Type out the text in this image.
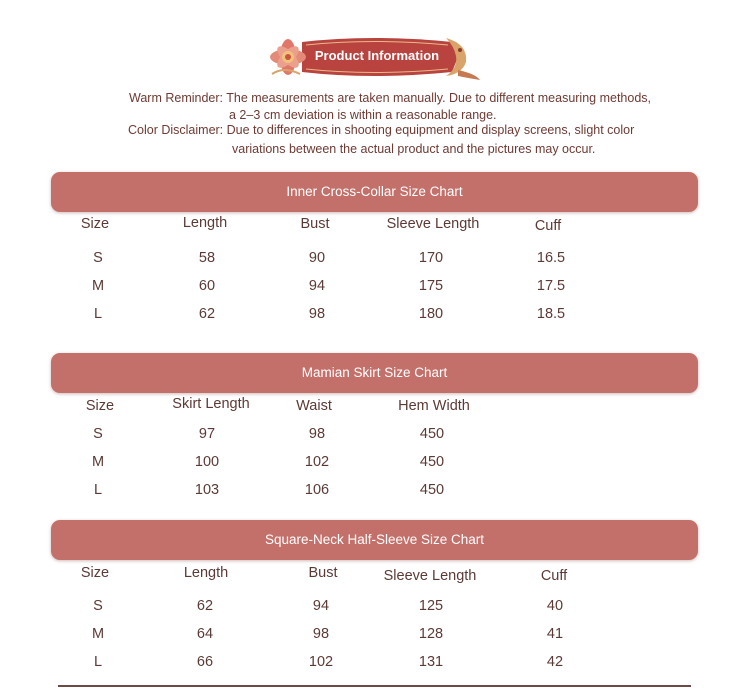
Product Information
Warm Reminder: The measurements are taken manually. Due to different measuring methods,
a 2–3 cm deviation is within a reasonable range.
Color Disclaimer: Due to differences in shooting equipment and display screens, slight color
variations between the actual product and the pictures may occur.
Inner Cross-Collar Size Chart
Size	Length	Bust	Sleeve Length	Cuff
S	58	90	170	16.5
M	60	94	175	17.5
L	62	98	180	18.5
Mamian Skirt Size Chart
Size	Skirt Length	Waist	Hem Width
S	97	98	450
M	100	102	450
L	103	106	450
Square-Neck Half-Sleeve Size Chart
Size	Length	Bust	Sleeve Length	Cuff
S	62	94	125	40
M	64	98	128	41
L	66	102	131	42
